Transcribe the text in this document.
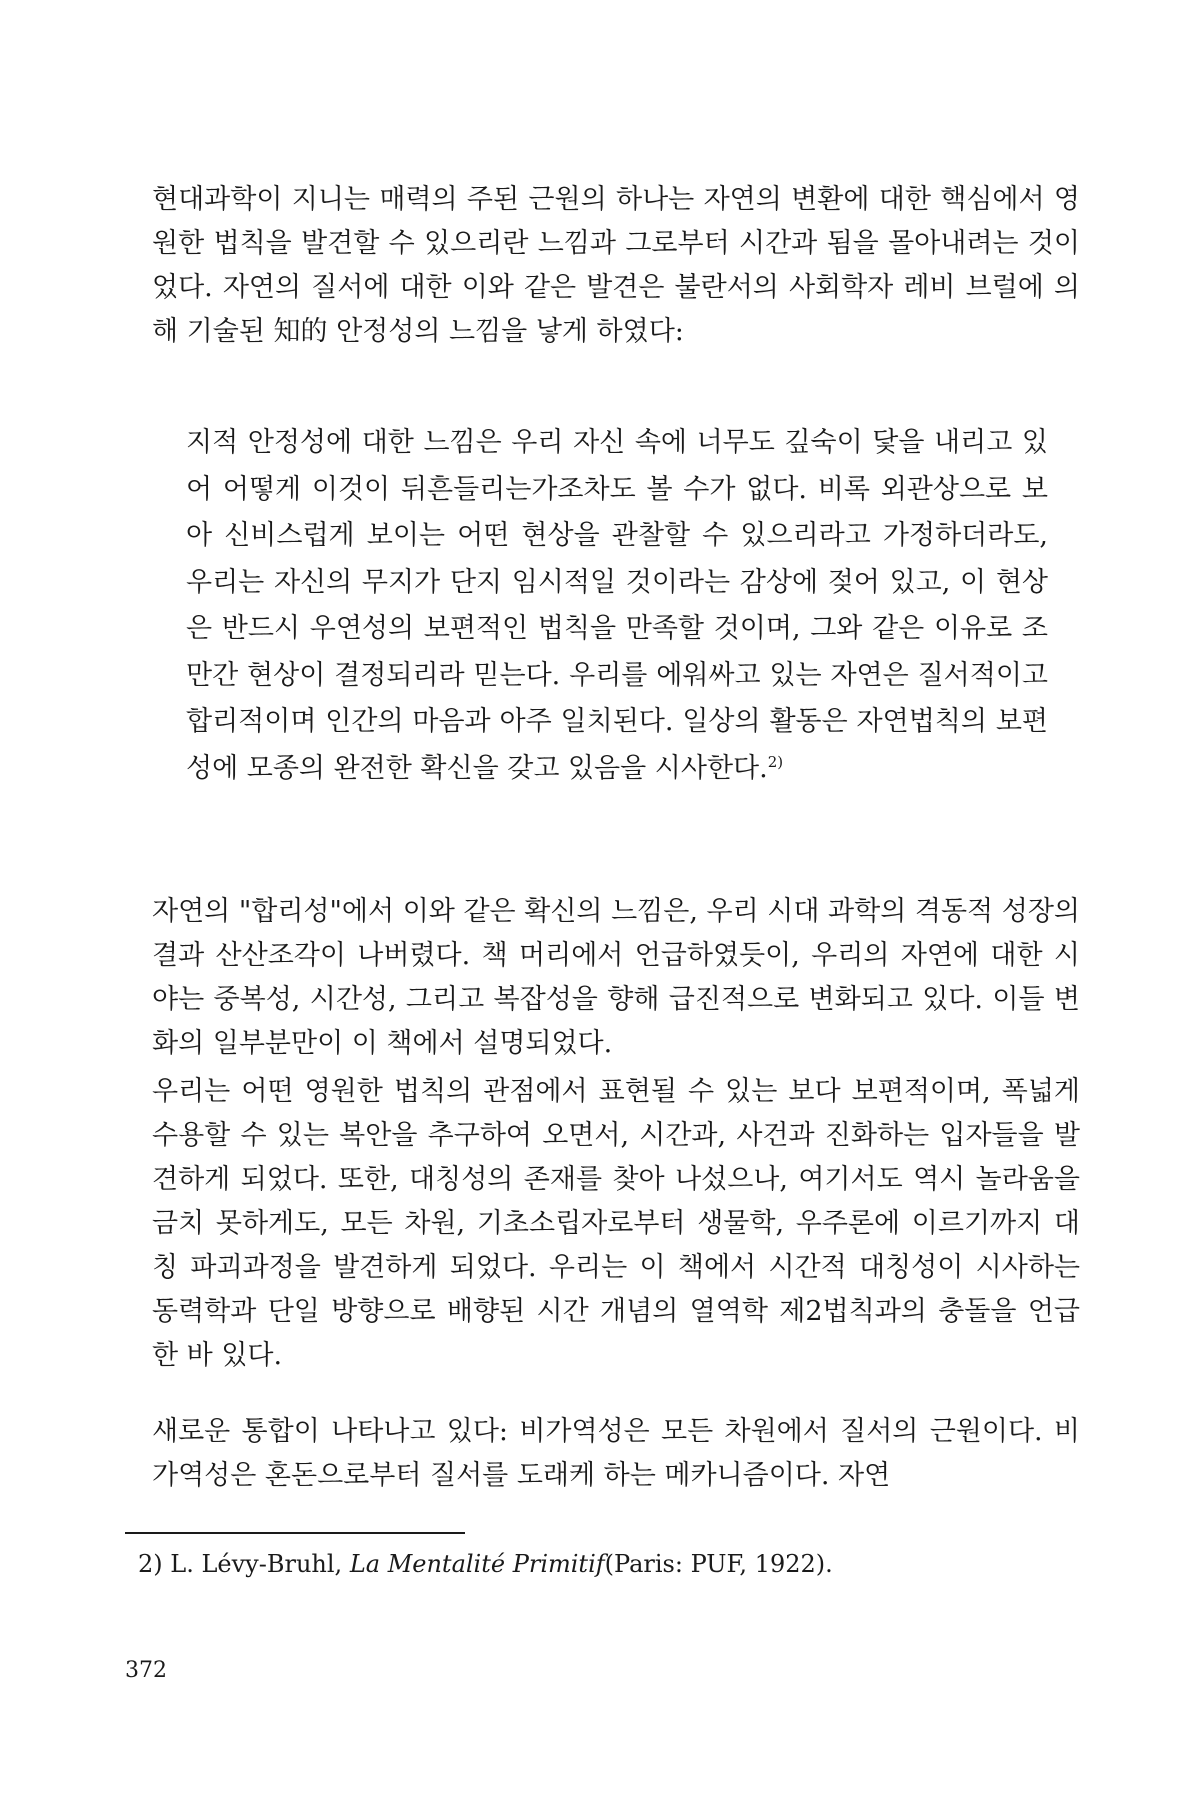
현대과학이 지니는 매력의 주된 근원의 하나는 자연의 변환에 대한 핵심에서 영원한 법칙을 발견할 수 있으리란 느낌과 그로부터 시간과 됨을 몰아내려는 것이었다. 자연의 질서에 대한 이와 같은 발견은 불란서의 사회학자 레비 브럴에 의해 기술된 知的 안정성의 느낌을 낳게 하였다:

지적 안정성에 대한 느낌은 우리 자신 속에 너무도 깊숙이 닻을 내리고 있어 어떻게 이것이 뒤흔들리는가조차도 볼 수가 없다. 비록 외관상으로 보아 신비스럽게 보이는 어떤 현상을 관찰할 수 있으리라고 가정하더라도, 우리는 자신의 무지가 단지 임시적일 것이라는 감상에 젖어 있고, 이 현상은 반드시 우연성의 보편적인 법칙을 만족할 것이며, 그와 같은 이유로 조만간 현상이 결정되리라 믿는다. 우리를 에워싸고 있는 자연은 질서적이고 합리적이며 인간의 마음과 아주 일치된다. 일상의 활동은 자연법칙의 보편성에 모종의 완전한 확신을 갖고 있음을 시사한다.$^{2)}$

자연의 "합리성"에서 이와 같은 확신의 느낌은, 우리 시대 과학의 격동적 성장의 결과 산산조각이 나버렸다. 책 머리에서 언급하였듯이, 우리의 자연에 대한 시야는 중복성, 시간성, 그리고 복잡성을 향해 급진적으로 변화되고 있다. 이들 변화의 일부분만이 이 책에서 설명되었다.

우리는 어떤 영원한 법칙의 관점에서 표현될 수 있는 보다 보편적이며, 폭넓게 수용할 수 있는 복안을 추구하여 오면서, 시간과, 사건과 진화하는 입자들을 발견하게 되었다. 또한, 대칭성의 존재를 찾아 나섰으나, 여기서도 역시 놀라움을 금치 못하게도, 모든 차원, 기초소립자로부터 생물학, 우주론에 이르기까지 대칭 파괴과정을 발견하게 되었다. 우리는 이 책에서 시간적 대칭성이 시사하는 동력학과 단일 방향으로 배향된 시간 개념의 열역학 제2법칙과의 충돌을 언급한 바 있다.

새로운 통합이 나타나고 있다: 비가역성은 모든 차원에서 질서의 근원이다. 비가역성은 혼돈으로부터 질서를 도래케 하는 메카니즘이다. 자연

2) L. Lévy-Bruhl, La Mentalité Primitif(Paris: PUF, 1922).

372
